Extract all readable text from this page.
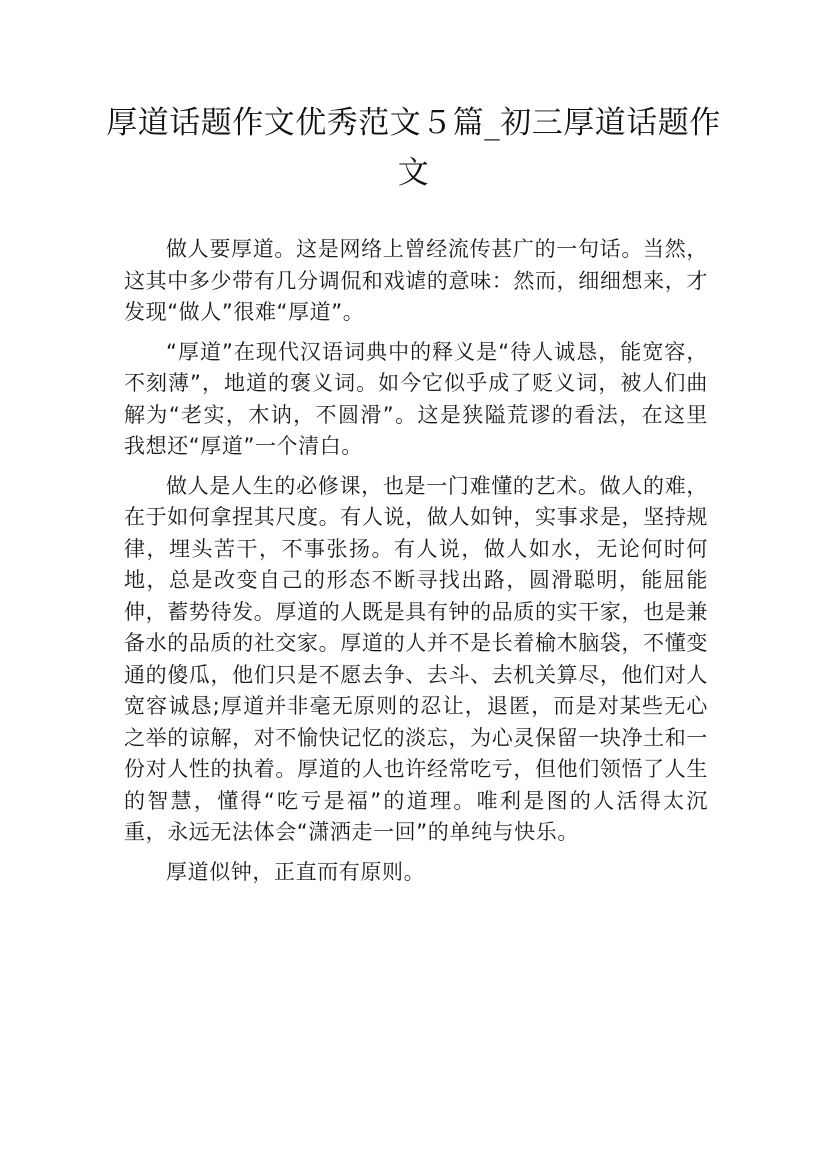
厚道话题作文优秀范文５篇_初三厚道话题作文

做人要厚道。这是网络上曾经流传甚广的一句话。当然，这其中多少带有几分调侃和戏谑的意味：然而，细细想来，才发现“做人”很难“厚道”。

“厚道”在现代汉语词典中的释义是“待人诚恳，能宽容，不刻薄”，地道的褒义词。如今它似乎成了贬义词，被人们曲解为“老实，木讷，不圆滑”。这是狭隘荒谬的看法，在这里我想还“厚道”一个清白。

做人是人生的必修课，也是一门难懂的艺术。做人的难，在于如何拿捏其尺度。有人说，做人如钟，实事求是，坚持规律，埋头苦干，不事张扬。有人说，做人如水，无论何时何地，总是改变自己的形态不断寻找出路，圆滑聪明，能屈能伸，蓄势待发。厚道的人既是具有钟的品质的实干家，也是兼备水的品质的社交家。厚道的人并不是长着榆木脑袋，不懂变通的傻瓜，他们只是不愿去争、去斗、去机关算尽，他们对人宽容诚恳;厚道并非毫无原则的忍让，退匿，而是对某些无心之举的谅解，对不愉快记忆的淡忘，为心灵保留一块净土和一份对人性的执着。厚道的人也许经常吃亏，但他们领悟了人生的智慧，懂得“吃亏是福”的道理。唯利是图的人活得太沉重，永远无法体会“潇洒走一回”的单纯与快乐。

厚道似钟，正直而有原则。
